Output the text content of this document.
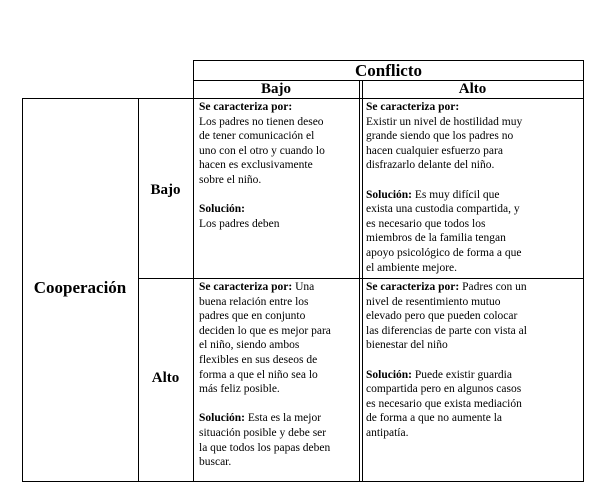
Conflicto
Bajo	Alto
Cooperación
Bajo
Alto
Se caracteriza por:
Los padres no tienen deseo
de tener comunicación el
uno con el otro y cuando lo
hacen es exclusivamente
sobre el niño.
Solución:
Los padres deben
Se caracteriza por:
Existir un nivel de hostilidad muy
grande siendo que los padres no
hacen cualquier esfuerzo para
disfrazarlo delante del niño.
Solución: Es muy difícil que
exista una custodia compartida, y
es necesario que todos los
miembros de la familia tengan
apoyo psicológico de forma a que
el ambiente mejore.
Se caracteriza por: Una
buena relación entre los
padres que en conjunto
deciden lo que es mejor para
el niño, siendo ambos
flexibles en sus deseos de
forma a que el niño sea lo
más feliz posible.
Solución: Esta es la mejor
situación posible y debe ser
la que todos los papas deben
buscar.
Se caracteriza por: Padres con un
nivel de resentimiento mutuo
elevado pero que pueden colocar
las diferencias de parte con vista al
bienestar del niño
Solución: Puede existir guardia
compartida pero en algunos casos
es necesario que exista mediación
de forma a que no aumente la
antipatía.
